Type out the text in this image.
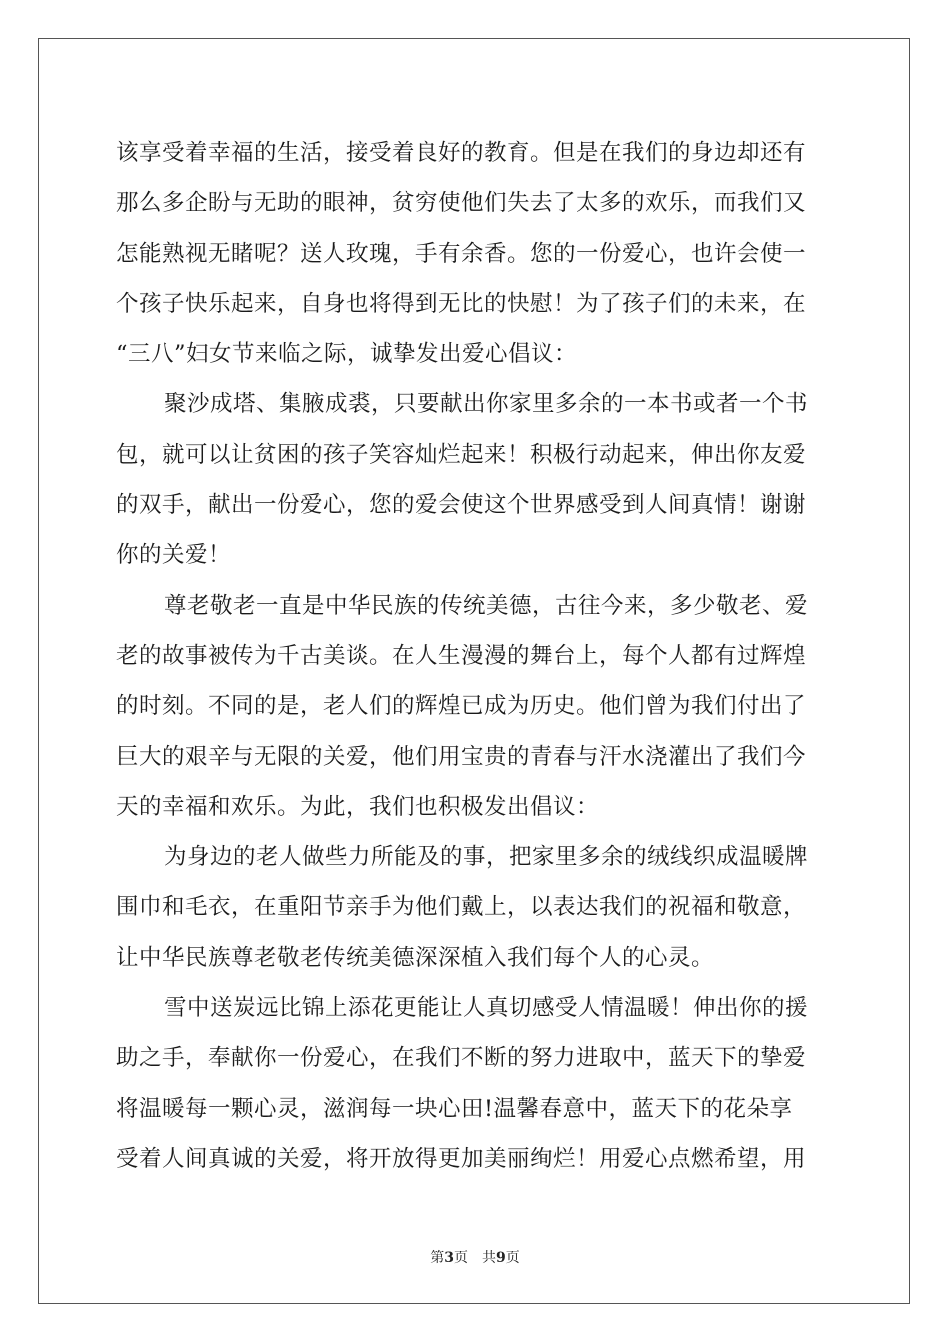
该享受着幸福的生活，接受着良好的教育。但是在我们的身边却还有
那么多企盼与无助的眼神，贫穷使他们失去了太多的欢乐，而我们又
怎能熟视无睹呢？送人玫瑰，手有余香。您的一份爱心，也许会使一
个孩子快乐起来，自身也将得到无比的快慰！为了孩子们的未来，在
“三八”妇女节来临之际，诚挚发出爱心倡议：
聚沙成塔、集腋成裘，只要献出你家里多余的一本书或者一个书
包，就可以让贫困的孩子笑容灿烂起来！积极行动起来，伸出你友爱
的双手，献出一份爱心，您的爱会使这个世界感受到人间真情！谢谢
你的关爱！
尊老敬老一直是中华民族的传统美德，古往今来，多少敬老、爱
老的故事被传为千古美谈。在人生漫漫的舞台上，每个人都有过辉煌
的时刻。不同的是，老人们的辉煌已成为历史。他们曾为我们付出了
巨大的艰辛与无限的关爱，他们用宝贵的青春与汗水浇灌出了我们今
天的幸福和欢乐。为此，我们也积极发出倡议：
为身边的老人做些力所能及的事，把家里多余的绒线织成温暖牌
围巾和毛衣，在重阳节亲手为他们戴上，以表达我们的祝福和敬意，
让中华民族尊老敬老传统美德深深植入我们每个人的心灵。
雪中送炭远比锦上添花更能让人真切感受人情温暖！伸出你的援
助之手，奉献你一份爱心，在我们不断的努力进取中，蓝天下的挚爱
将温暖每一颗心灵，滋润每一块心田!温馨春意中，蓝天下的花朵享
受着人间真诚的关爱，将开放得更加美丽绚烂！用爱心点燃希望，用
第3页 共9页
